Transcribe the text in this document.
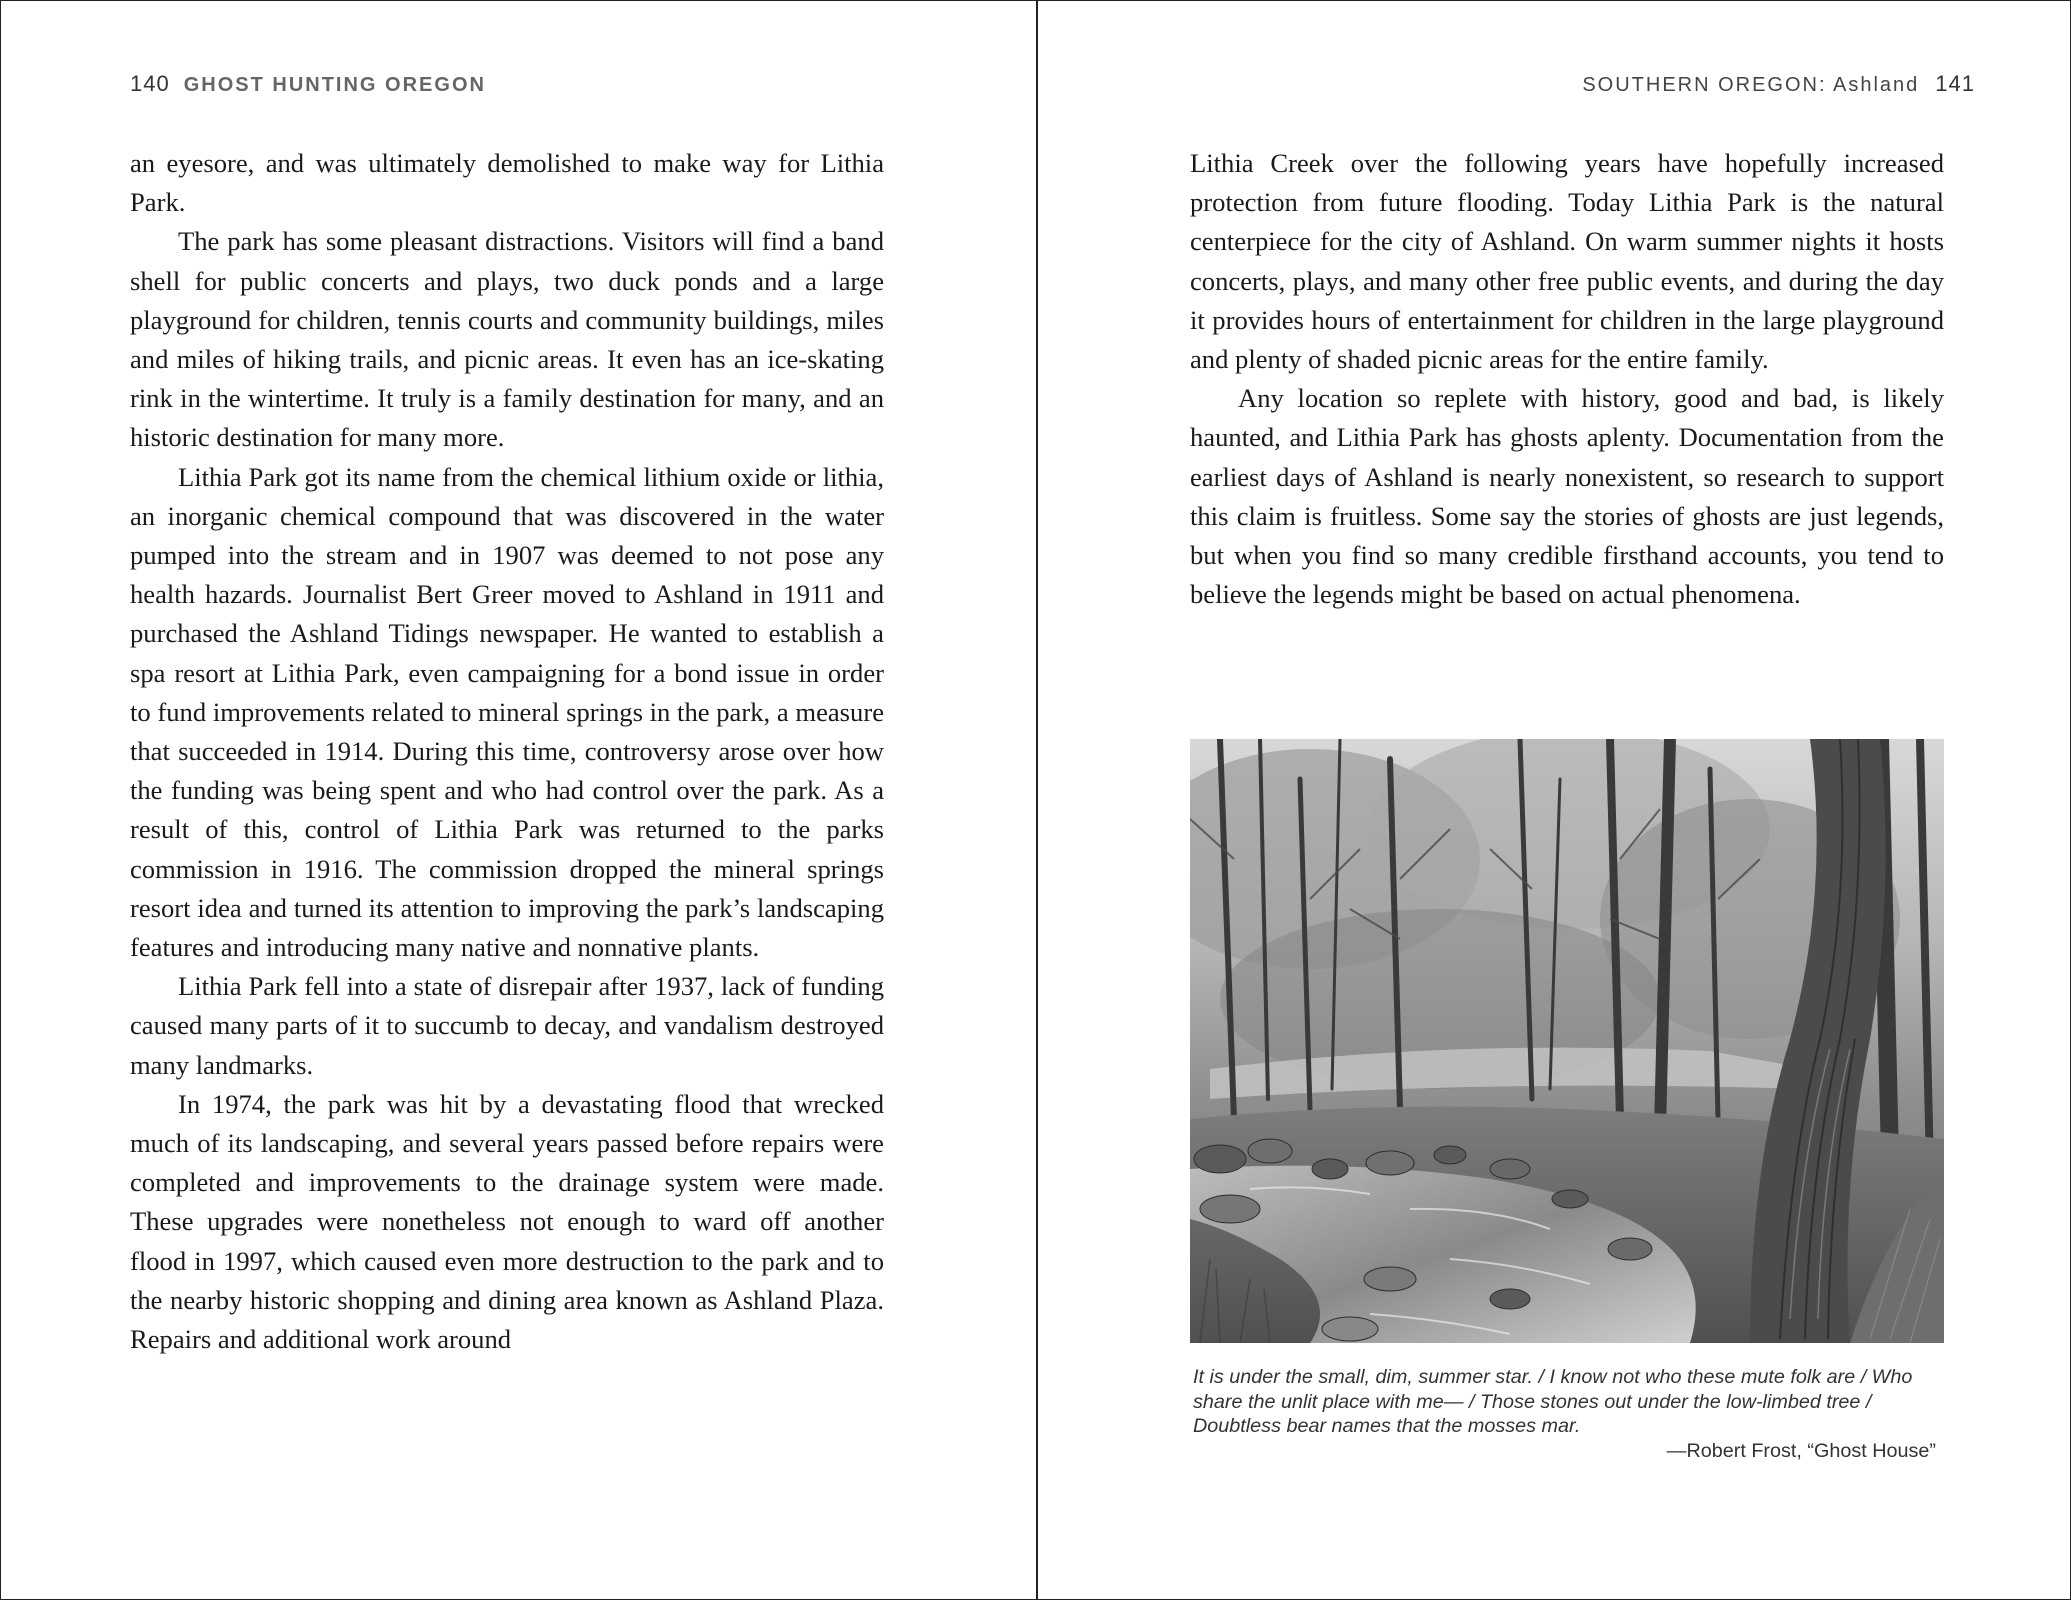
140 GHOST HUNTING OREGON

an eyesore, and was ultimately demolished to make way for Lithia Park.

The park has some pleasant distractions. Visitors will find a band shell for public concerts and plays, two duck ponds and a large playground for children, tennis courts and community buildings, miles and miles of hiking trails, and picnic areas. It even has an ice-skating rink in the wintertime. It truly is a family destination for many, and an historic destination for many more.

Lithia Park got its name from the chemical lithium oxide or lithia, an inorganic chemical compound that was discovered in the water pumped into the stream and in 1907 was deemed to not pose any health hazards. Journalist Bert Greer moved to Ashland in 1911 and purchased the Ashland Tidings newspaper. He wanted to establish a spa resort at Lithia Park, even campaigning for a bond issue in order to fund improvements related to mineral springs in the park, a measure that succeeded in 1914. During this time, controversy arose over how the funding was being spent and who had control over the park. As a result of this, control of Lithia Park was returned to the parks commission in 1916. The commission dropped the mineral springs resort idea and turned its attention to improving the park’s landscaping features and introducing many native and nonnative plants.

Lithia Park fell into a state of disrepair after 1937, lack of funding caused many parts of it to succumb to decay, and vandalism destroyed many landmarks.

In 1974, the park was hit by a devastating flood that wrecked much of its landscaping, and several years passed before repairs were completed and improvements to the drainage system were made. These upgrades were nonetheless not enough to ward off another flood in 1997, which caused even more destruction to the park and to the nearby historic shopping and dining area known as Ashland Plaza. Repairs and additional work around

SOUTHERN OREGON: Ashland 141

Lithia Creek over the following years have hopefully increased protection from future flooding. Today Lithia Park is the natural centerpiece for the city of Ashland. On warm summer nights it hosts concerts, plays, and many other free public events, and during the day it provides hours of entertainment for children in the large playground and plenty of shaded picnic areas for the entire family.

Any location so replete with history, good and bad, is likely haunted, and Lithia Park has ghosts aplenty. Documentation from the earliest days of Ashland is nearly nonexistent, so research to support this claim is fruitless. Some say the stories of ghosts are just legends, but when you find so many credible firsthand accounts, you tend to believe the legends might be based on actual phenomena.

It is under the small, dim, summer star. / I know not who these mute folk are / Who share the unlit place with me— / Those stones out under the low-limbed tree / Doubtless bear names that the mosses mar.
—Robert Frost, “Ghost House”
